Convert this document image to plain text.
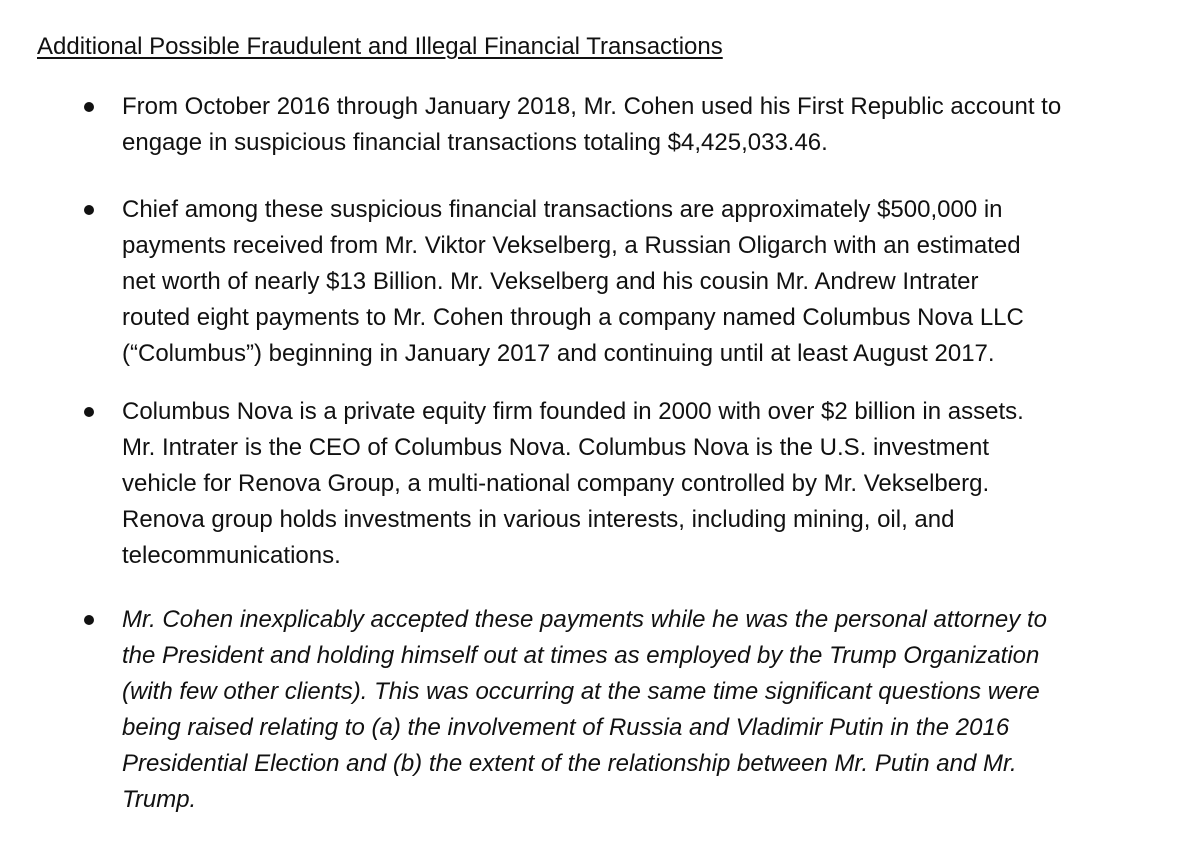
Additional Possible Fraudulent and Illegal Financial Transactions

From October 2016 through January 2018, Mr. Cohen used his First Republic account to
engage in suspicious financial transactions totaling $4,425,033.46.

Chief among these suspicious financial transactions are approximately $500,000 in
payments received from Mr. Viktor Vekselberg, a Russian Oligarch with an estimated
net worth of nearly $13 Billion. Mr. Vekselberg and his cousin Mr. Andrew Intrater
routed eight payments to Mr. Cohen through a company named Columbus Nova LLC
(“Columbus”) beginning in January 2017 and continuing until at least August 2017.

Columbus Nova is a private equity firm founded in 2000 with over $2 billion in assets.
Mr. Intrater is the CEO of Columbus Nova. Columbus Nova is the U.S. investment
vehicle for Renova Group, a multi-national company controlled by Mr. Vekselberg.
Renova group holds investments in various interests, including mining, oil, and
telecommunications.

Mr. Cohen inexplicably accepted these payments while he was the personal attorney to
the President and holding himself out at times as employed by the Trump Organization
(with few other clients). This was occurring at the same time significant questions were
being raised relating to (a) the involvement of Russia and Vladimir Putin in the 2016
Presidential Election and (b) the extent of the relationship between Mr. Putin and Mr.
Trump.
